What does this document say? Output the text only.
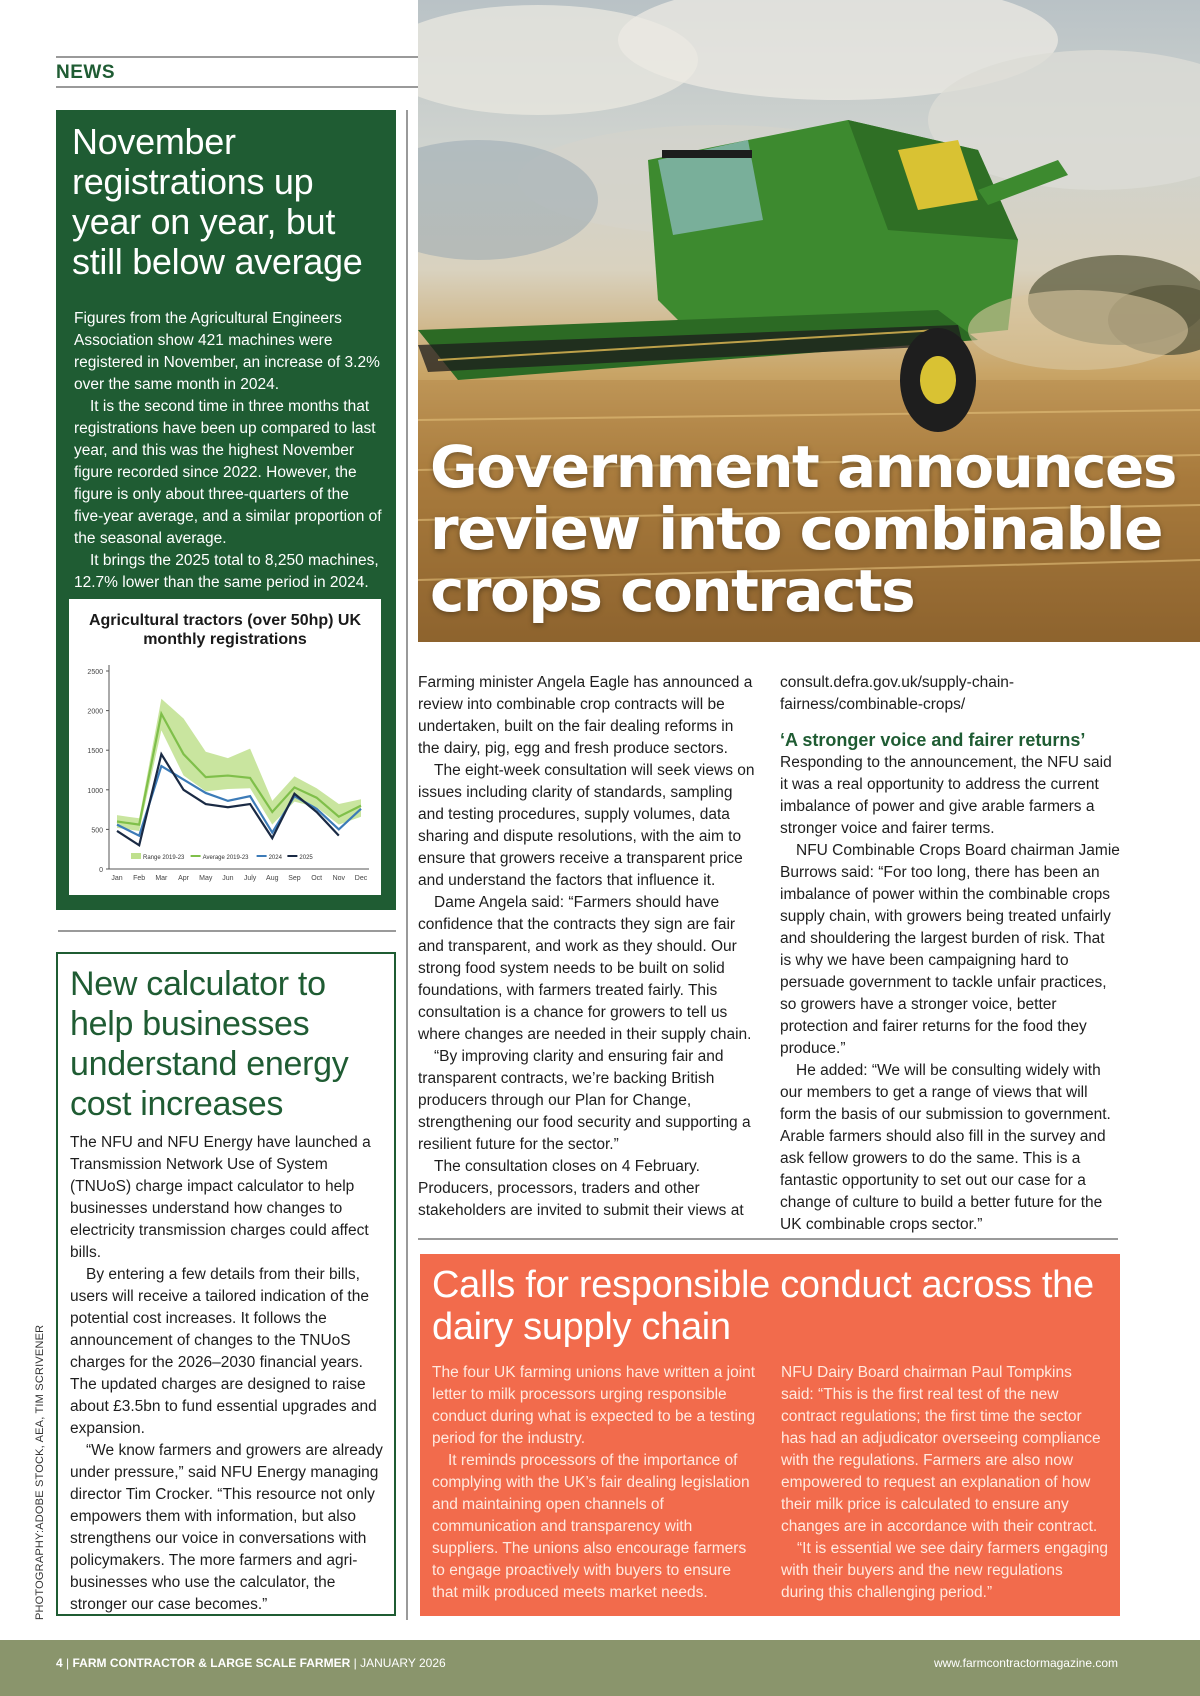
NEWS
November registrations up year on year, but still below average

Figures from the Agricultural Engineers Association show 421 machines were registered in November, an increase of 3.2% over the same month in 2024.

It is the second time in three months that registrations have been up compared to last year, and this was the highest November figure recorded since 2022. However, the figure is only about three-quarters of the five-year average, and a similar proportion of the seasonal average.

It brings the 2025 total to 8,250 machines, 12.7% lower than the same period in 2024.

Agricultural tractors (over 50hp) UK monthly registrations
0
500
1000
1500
2000
2500
Jan Feb Mar Apr May Jun July Aug Sep Oct Nov Dec
Range 2019-23	Average 2019-23	2024	2025
New calculator to help businesses understand energy cost increases

The NFU and NFU Energy have launched a Transmission Network Use of System (TNUoS) charge impact calculator to help businesses understand how changes to electricity transmission charges could affect bills.

By entering a few details from their bills, users will receive a tailored indication of the potential cost increases. It follows the announcement of changes to the TNUoS charges for the 2026–2030 financial years. The updated charges are designed to raise about £3.5bn to fund essential upgrades and expansion.

“We know farmers and growers are already under pressure,” said NFU Energy managing director Tim Crocker. “This resource not only empowers them with information, but also strengthens our voice in conversations with policymakers. The more farmers and agri-businesses who use the calculator, the stronger our case becomes.”

PHOTOGRAPHY:ADOBE STOCK, AEA, TIM SCRIVENER
Government announces review into combinable crops contracts

Farming minister Angela Eagle has announced a review into combinable crop contracts will be undertaken, built on the fair dealing reforms in the dairy, pig, egg and fresh produce sectors.

The eight-week consultation will seek views on issues including clarity of standards, sampling and testing procedures, supply volumes, data sharing and dispute resolutions, with the aim to ensure that growers receive a transparent price and understand the factors that influence it.

Dame Angela said: “Farmers should have confidence that the contracts they sign are fair and transparent, and work as they should. Our strong food system needs to be built on solid foundations, with farmers treated fairly. This consultation is a chance for growers to tell us where changes are needed in their supply chain.

“By improving clarity and ensuring fair and transparent contracts, we’re backing British producers through our Plan for Change, strengthening our food security and supporting a resilient future for the sector.”

The consultation closes on 4 February. Producers, processors, traders and other stakeholders are invited to submit their views at

consult.defra.gov.uk/supply-chain-fairness/combinable-crops/

‘A stronger voice and fairer returns’

Responding to the announcement, the NFU said it was a real opportunity to address the current imbalance of power and give arable farmers a stronger voice and fairer terms.

NFU Combinable Crops Board chairman Jamie Burrows said: “For too long, there has been an imbalance of power within the combinable crops supply chain, with growers being treated unfairly and shouldering the largest burden of risk. That is why we have been campaigning hard to persuade government to tackle unfair practices, so growers have a stronger voice, better protection and fairer returns for the food they produce.”

He added: “We will be consulting widely with our members to get a range of views that will form the basis of our submission to government. Arable farmers should also fill in the survey and ask fellow growers to do the same. This is a fantastic opportunity to set out our case for a change of culture to build a better future for the UK combinable crops sector.”

Calls for responsible conduct across the dairy supply chain

The four UK farming unions have written a joint letter to milk processors urging responsible conduct during what is expected to be a testing period for the industry.

It reminds processors of the importance of complying with the UK’s fair dealing legislation and maintaining open channels of communication and transparency with suppliers. The unions also encourage farmers to engage proactively with buyers to ensure that milk produced meets market needs.

NFU Dairy Board chairman Paul Tompkins said: “This is the first real test of the new contract regulations; the first time the sector has had an adjudicator overseeing compliance with the regulations. Farmers are also now empowered to request an explanation of how their milk price is calculated to ensure any changes are in accordance with their contract.

“It is essential we see dairy farmers engaging with their buyers and the new regulations during this challenging period.”

4 | FARM CONTRACTOR & LARGE SCALE FARMER | JANUARY 2026	www.farmcontractormagazine.com
